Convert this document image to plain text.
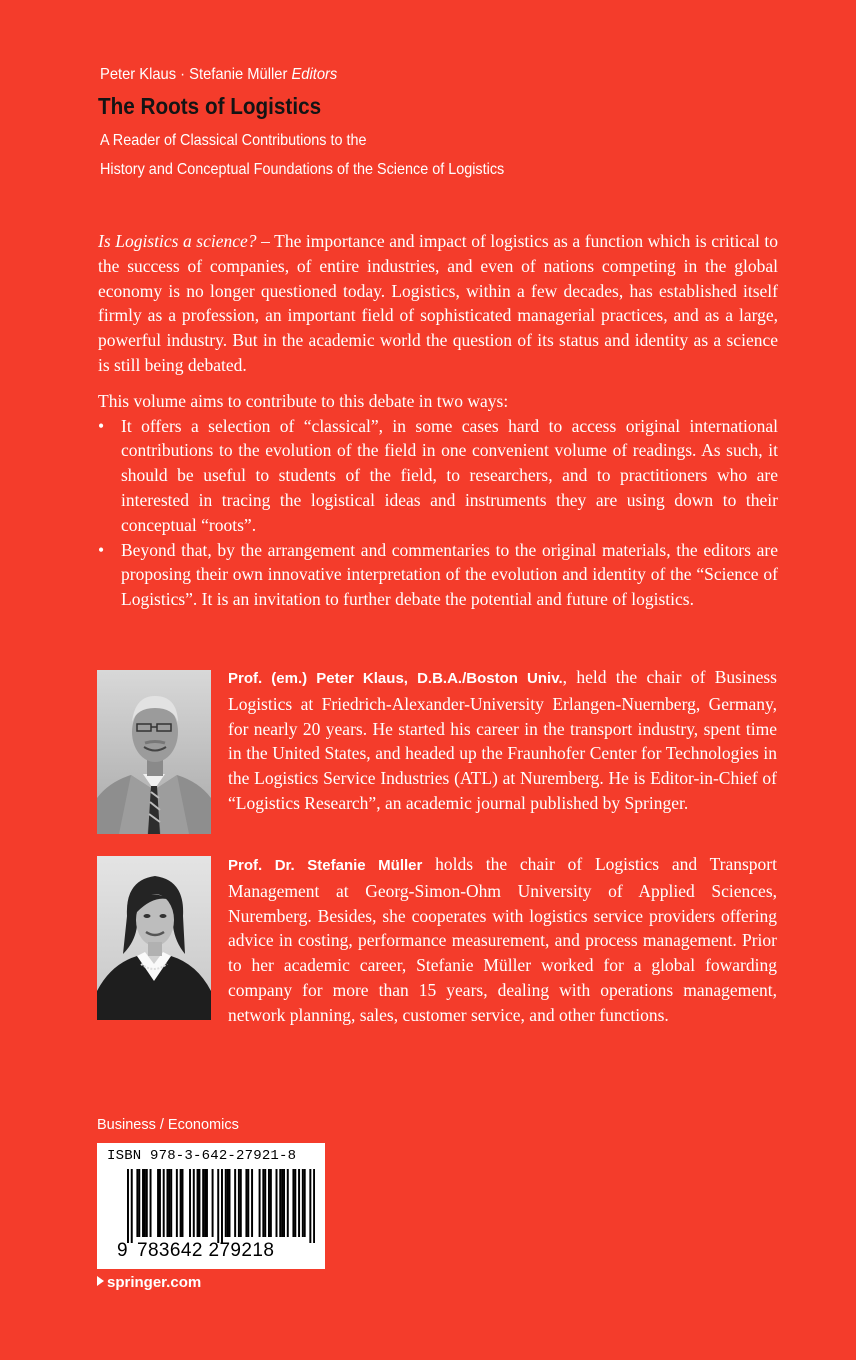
Peter Klaus · Stefanie Müller Editors
The Roots of Logistics
A Reader of Classical Contributions to the
History and Conceptual Foundations of the Science of Logistics

Is Logistics a science? – The importance and impact of logistics as a function which is critical to the success of companies, of entire industries, and even of nations competing in the global economy is no longer questioned today. Logistics, within a few decades, has established itself firmly as a profession, an important field of sophisticated managerial practices, and as a large, powerful industry. But in the academic world the question of its status and identity as a science is still being debated.

This volume aims to contribute to this debate in two ways:

• It offers a selection of “classical”, in some cases hard to access original international contributions to the evolution of the field in one convenient volume of readings. As such, it should be useful to students of the field, to researchers, and to practitioners who are interested in tracing the logistical ideas and instruments they are using down to their conceptual “roots”.
• Beyond that, by the arrangement and commentaries to the original materials, the editors are proposing their own innovative interpretation of the evolution and identity of the “Science of Logistics”. It is an invitation to further debate the potential and future of logistics.

Prof. (em.) Peter Klaus, D.B.A./Boston Univ., held the chair of Business Logistics at Friedrich-Alexander-University Erlangen-Nuernberg, Germany, for nearly 20 years. He started his career in the transport industry, spent time in the United States, and headed up the Fraunhofer Center for Technologies in the Logistics Service Industries (ATL) at Nuremberg. He is Editor-in-Chief of “Logistics Research”, an academic journal published by Springer.

Prof. Dr. Stefanie Müller holds the chair of Logistics and Transport Management at Georg-Simon-Ohm University of Applied Sciences, Nuremberg. Besides, she cooperates with logistics service providers offering advice in costing, performance measurement, and process management. Prior to her academic career, Stefanie Müller worked for a global fowarding company for more than 15 years, dealing with operations management, network planning, sales, customer service, and other functions.

Business / Economics
ISBN 978-3-642-27921-8
9 783642 279218
springer.com
